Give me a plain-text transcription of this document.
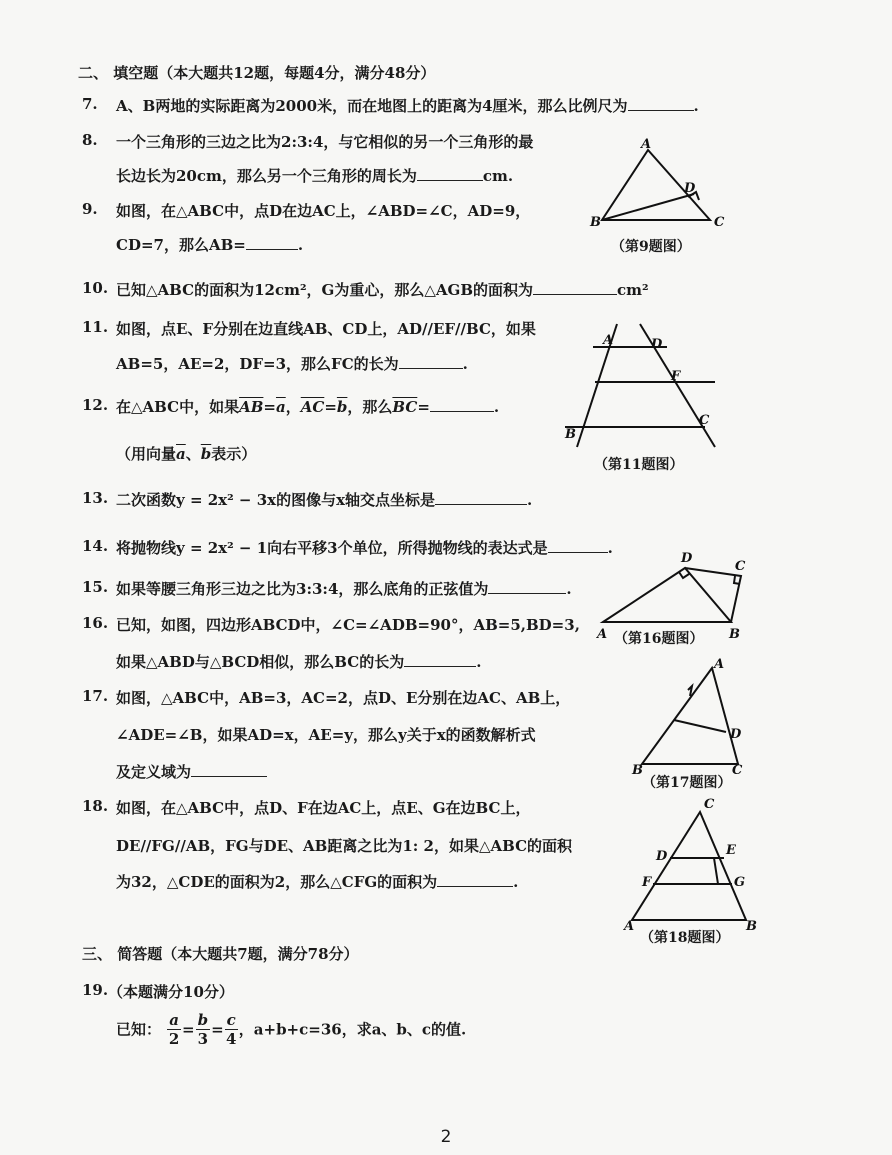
二、 填空题（本大题共12题，每题4分，满分48分）
7. A、B两地的实际距离为2000米，而在地图上的距离为4厘米，那么比例尺为	.
8. 一个三角形的三边之比为2:3:4，与它相似的另一个三角形的最
长边长为20cm，那么另一个三角形的周长为	cm.
A
B	C
D
（第9题图）
9. 如图，在△ABC中，点D在边AC上，∠ABD=∠C，AD=9，
CD=7，那么AB=	.
10. 已知△ABC的面积为12cm²，G为重心，那么△AGB的面积为	cm²
11. 如图，点E、F分别在边直线AB、CD上，AD//EF//BC，如果
AB=5，AE=2，DF=3，那么FC的长为	.
A	D
F
B
C
（第11题图）
12. 在△ABC中，如果$\overline{AB}=\overline{a}$，$\overline{AC}=\overline{b}$，那么$\overline{BC}=$	.
（用向量$\overline{a}$、$\overline{b}$表示）
13. 二次函数y = 2x² − 3x的图像与x轴交点坐标是	.
14. 将抛物线y = 2x² − 1向右平移3个单位，所得抛物线的表达式是	.
15. 如果等腰三角形三边之比为3:3:4，那么底角的正弦值为	.
D
C
A	B
（第16题图）
16. 已知，如图，四边形ABCD中，∠C=∠ADB=90°，AB=5,BD=3,
如果△ABD与△BCD相似，那么BC的长为	.
17. 如图，△ABC中，AB=3，AC=2，点D、E分别在边AC、AB上，
∠ADE=∠B，如果AD=x，AE=y，那么y关于x的函数解析式
及定义域为
A
D
B	C
（第17题图）
18. 如图，在△ABC中，点D、F在边AC上，点E、G在边BC上，
DE//FG//AB，FG与DE、AB距离之比为1: 2，如果△ABC的面积
为32，△CDE的面积为2，那么△CFG的面积为	.
C
D	E
F	G
A	B
（第18题图）
三、 简答题（本大题共7题，满分78分）
19. （本题满分10分）
已知： $\frac{a}{2} = \frac{b}{3} = \frac{c}{4}$ ，a+b+c=36，求a、b、c的值.
2
